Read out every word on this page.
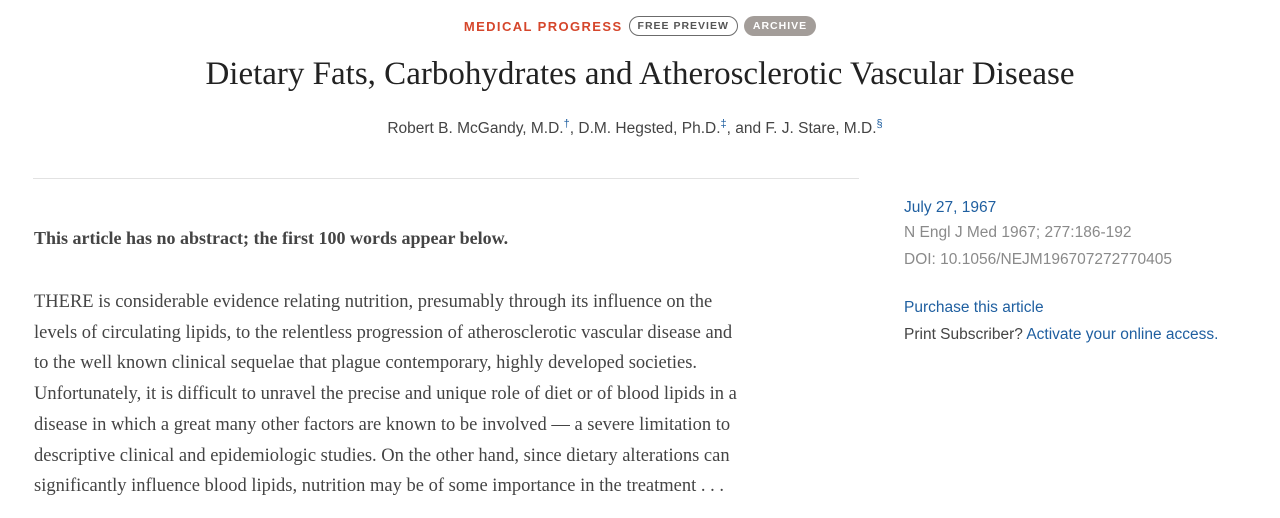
MEDICAL PROGRESS	FREE PREVIEW	ARCHIVE
Dietary Fats, Carbohydrates and Atherosclerotic Vascular Disease
Robert B. McGandy, M.D.†, D.M. Hegsted, Ph.D.‡, and F. J. Stare, M.D.§

This article has no abstract; the first 100 words appear below.

THERE is considerable evidence relating nutrition, presumably through its influence on the
levels of circulating lipids, to the relentless progression of atherosclerotic vascular disease and
to the well known clinical sequelae that plague contemporary, highly developed societies.
Unfortunately, it is difficult to unravel the precise and unique role of diet or of blood lipids in a
disease in which a great many other factors are known to be involved — a severe limitation to
descriptive clinical and epidemiologic studies. On the other hand, since dietary alterations can
significantly influence blood lipids, nutrition may be of some importance in the treatment . . .

July 27, 1967
N Engl J Med 1967; 277:186-192
DOI: 10.1056/NEJM196707272770405
Purchase this article
Print Subscriber? Activate your online access.
